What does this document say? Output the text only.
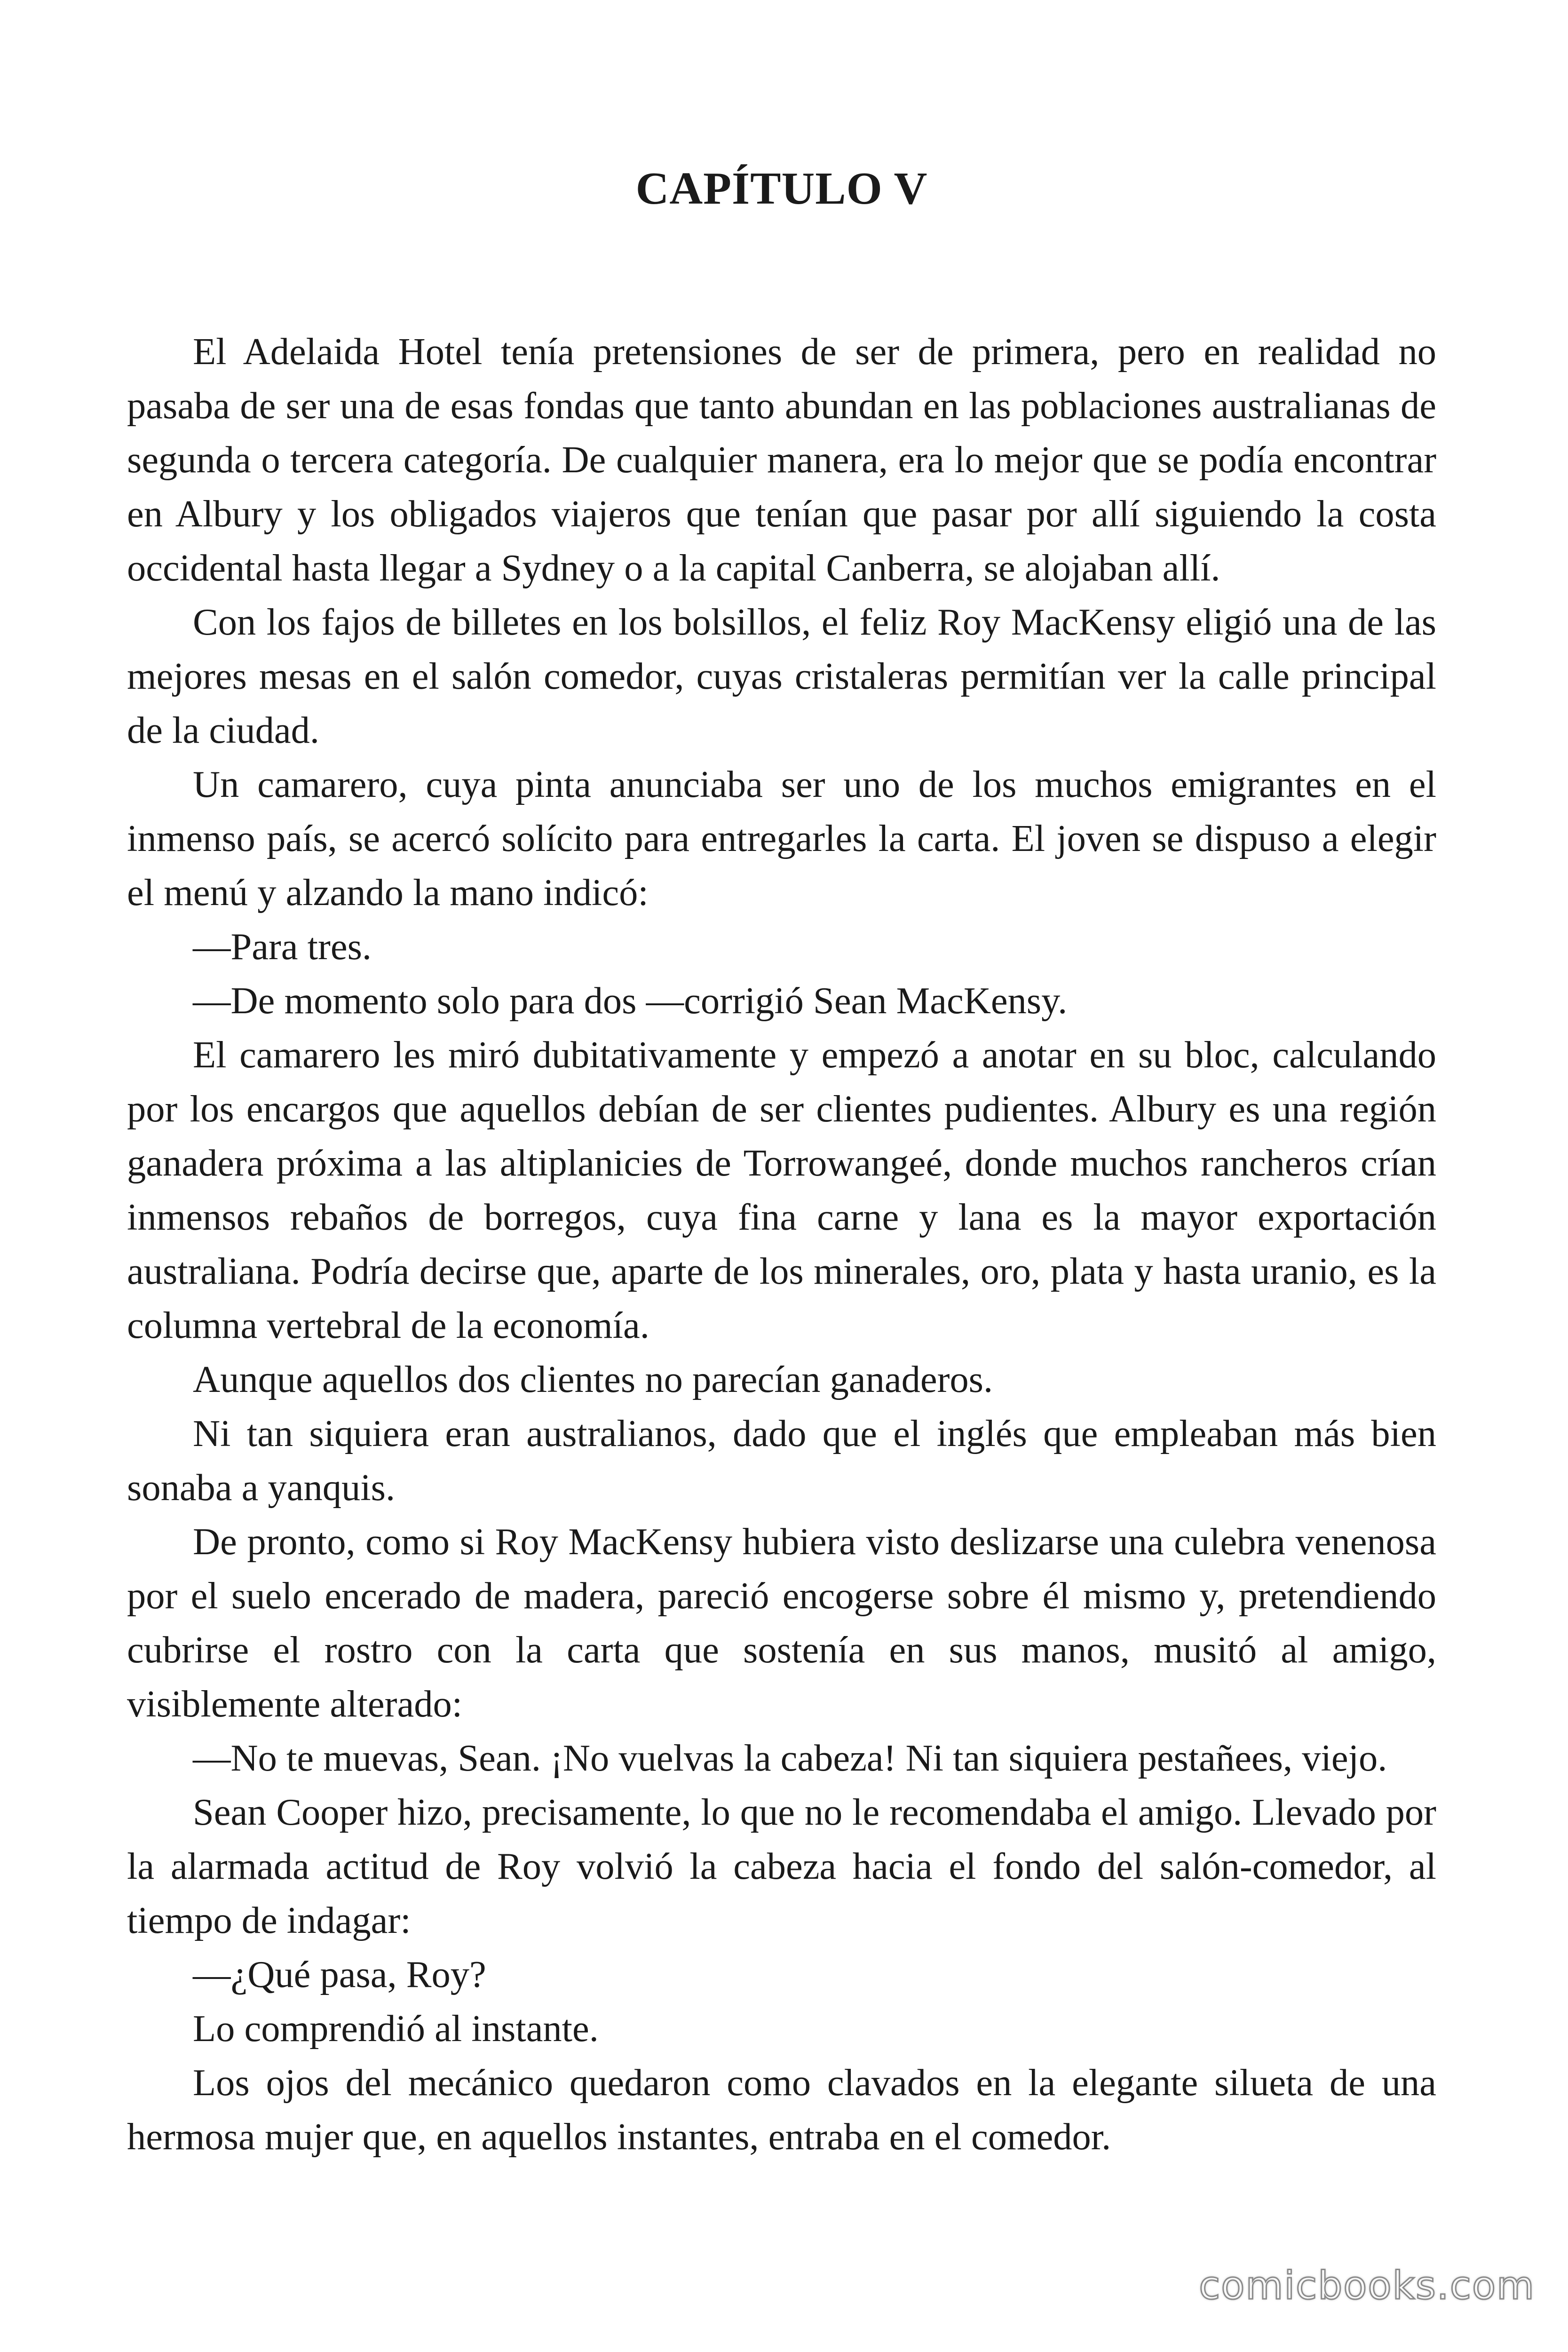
CAPÍTULO V

El Adelaida Hotel tenía pretensiones de ser de primera, pero en realidad no pasaba de ser una de esas fondas que tanto abundan en las poblaciones australianas de segunda o tercera categoría. De cualquier manera, era lo mejor que se podía encontrar en Albury y los obligados viajeros que tenían que pasar por allí siguiendo la costa occidental hasta llegar a Sydney o a la capital Canberra, se alojaban allí.

Con los fajos de billetes en los bolsillos, el feliz Roy MacKensy eligió una de las mejores mesas en el salón comedor, cuyas cristaleras permitían ver la calle principal de la ciudad.

Un camarero, cuya pinta anunciaba ser uno de los muchos emigrantes en el inmenso país, se acercó solícito para entregarles la carta. El joven se dispuso a elegir el menú y alzando la mano indicó:

—Para tres.

—De momento solo para dos —corrigió Sean MacKensy.

El camarero les miró dubitativamente y empezó a anotar en su bloc, calculando por los encargos que aquellos debían de ser clientes pudientes. Albury es una región ganadera próxima a las altiplanicies de Torrowangeé, donde muchos rancheros crían inmensos rebaños de borregos, cuya fina carne y lana es la mayor exportación australiana. Podría decirse que, aparte de los minerales, oro, plata y hasta uranio, es la columna vertebral de la economía.

Aunque aquellos dos clientes no parecían ganaderos.

Ni tan siquiera eran australianos, dado que el inglés que empleaban más bien sonaba a yanquis.

De pronto, como si Roy MacKensy hubiera visto deslizarse una culebra venenosa por el suelo encerado de madera, pareció encogerse sobre él mismo y, pretendiendo cubrirse el rostro con la carta que sostenía en sus manos, musitó al amigo, visiblemente alterado:

—No te muevas, Sean. ¡No vuelvas la cabeza! Ni tan siquiera pestañees, viejo.

Sean Cooper hizo, precisamente, lo que no le recomendaba el amigo. Llevado por la alarmada actitud de Roy volvió la cabeza hacia el fondo del salón-comedor, al tiempo de indagar:

—¿Qué pasa, Roy?

Lo comprendió al instante.

Los ojos del mecánico quedaron como clavados en la elegante silueta de una hermosa mujer que, en aquellos instantes, entraba en el comedor.

comicbooks.com
